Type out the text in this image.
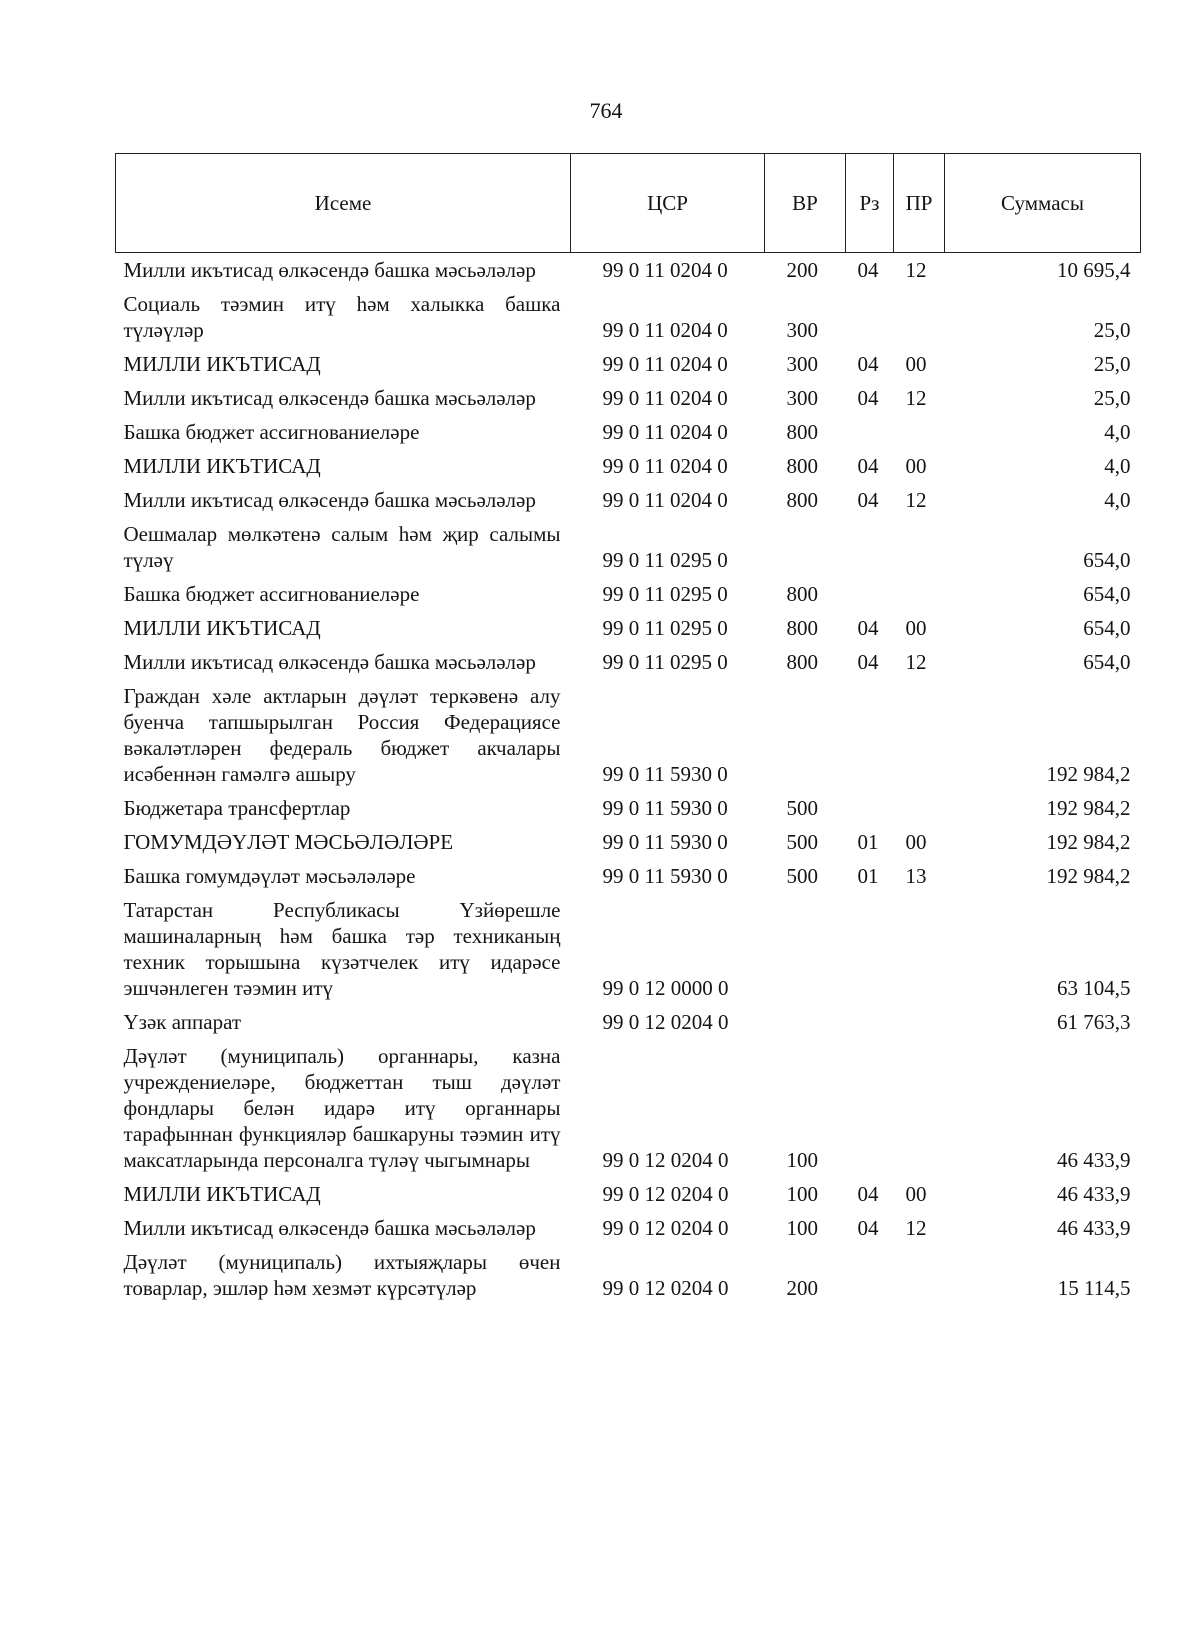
764
Исеме	ЦСР	ВР	Рз	ПР	Суммасы
Милли икътисад өлкәсендә башка мәсьәләләр	99 0 11 0204 0	200	04	12	10 695,4
Социаль тәэмин итү һәм халыкка башка түләүләр	99 0 11 0204 0	300			25,0
МИЛЛИ ИКЪТИСАД	99 0 11 0204 0	300	04	00	25,0
Милли икътисад өлкәсендә башка мәсьәләләр	99 0 11 0204 0	300	04	12	25,0
Башка бюджет ассигнованиеләре	99 0 11 0204 0	800			4,0
МИЛЛИ ИКЪТИСАД	99 0 11 0204 0	800	04	00	4,0
Милли икътисад өлкәсендә башка мәсьәләләр	99 0 11 0204 0	800	04	12	4,0
Оешмалар мөлкәтенә салым һәм җир салымы түләү	99 0 11 0295 0				654,0
Башка бюджет ассигнованиеләре	99 0 11 0295 0	800			654,0
МИЛЛИ ИКЪТИСАД	99 0 11 0295 0	800	04	00	654,0
Милли икътисад өлкәсендә башка мәсьәләләр	99 0 11 0295 0	800	04	12	654,0
Граждан хәле актларын дәүләт теркәвенә алу буенча тапшырылган Россия Федерациясе вәкаләтләрен федераль бюджет акчалары исәбеннән гамәлгә ашыру	99 0 11 5930 0				192 984,2
Бюджетара трансфертлар	99 0 11 5930 0	500			192 984,2
ГОМУМДӘҮЛӘТ МӘСЬӘЛӘЛӘРЕ	99 0 11 5930 0	500	01	00	192 984,2
Башка гомумдәүләт мәсьәләләре	99 0 11 5930 0	500	01	13	192 984,2
Татарстан Республикасы Үзйөрешле машиналарның һәм башка тәр техниканың техник торышына күзәтчелек итү идарәсе эшчәнлеген тәэмин итү	99 0 12 0000 0				63 104,5
Үзәк аппарат	99 0 12 0204 0				61 763,3
Дәүләт (муниципаль) органнары, казна учреждениеләре, бюджеттан тыш дәүләт фондлары белән идарә итү органнары тарафыннан функцияләр башкаруны тәэмин итү максатларында персоналга түләү чыгымнары	99 0 12 0204 0	100			46 433,9
МИЛЛИ ИКЪТИСАД	99 0 12 0204 0	100	04	00	46 433,9
Милли икътисад өлкәсендә башка мәсьәләләр	99 0 12 0204 0	100	04	12	46 433,9
Дәүләт (муниципаль) ихтыяҗлары өчен товарлар, эшләр һәм хезмәт күрсәтүләр	99 0 12 0204 0	200			15 114,5
